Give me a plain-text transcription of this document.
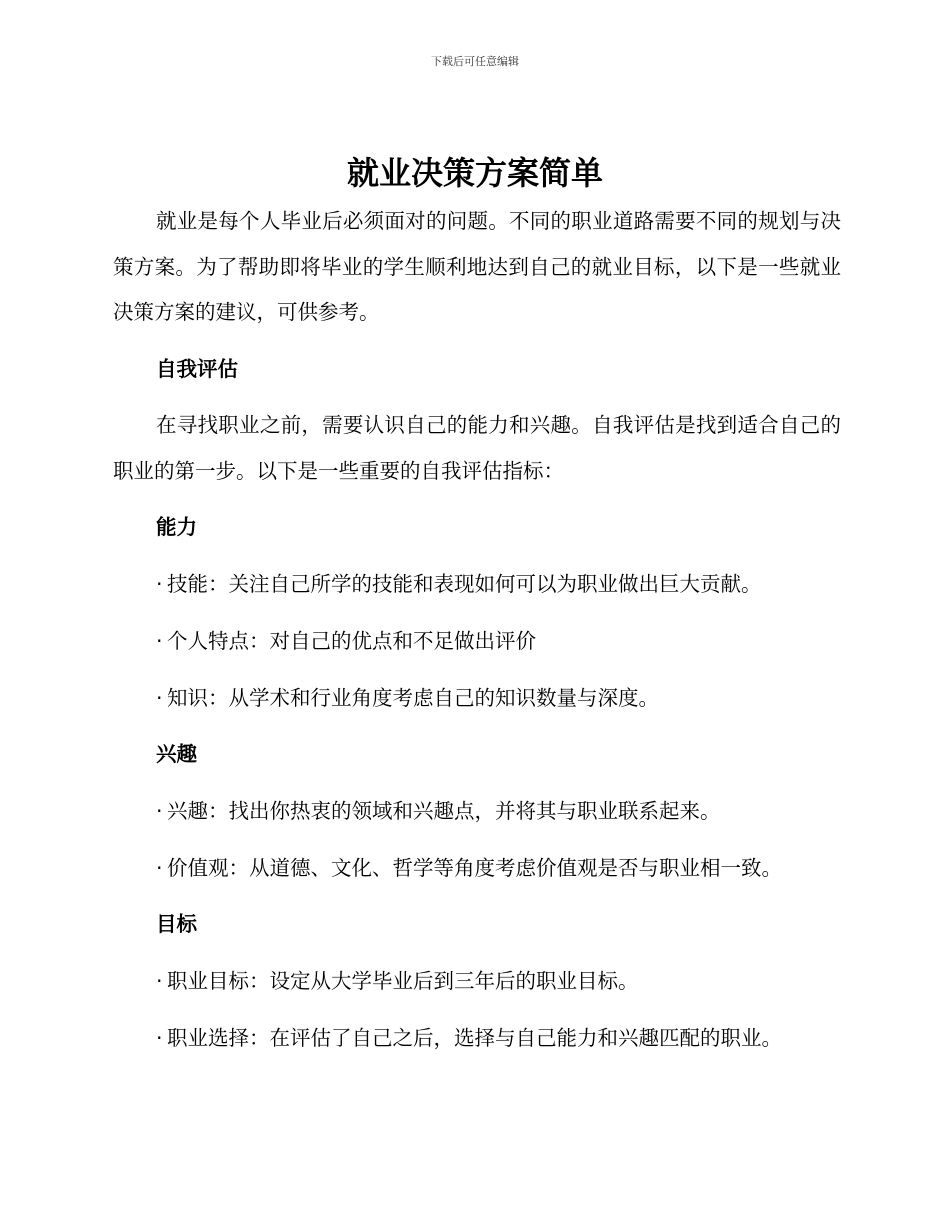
下载后可任意编辑
就业决策方案简单

就业是每个人毕业后必须面对的问题。不同的职业道路需要不同的规划与决策方案。为了帮助即将毕业的学生顺利地达到自己的就业目标，以下是一些就业决策方案的建议，可供参考。

自我评估

在寻找职业之前，需要认识自己的能力和兴趣。自我评估是找到适合自己的职业的第一步。以下是一些重要的自我评估指标：

能力

· 技能：关注自己所学的技能和表现如何可以为职业做出巨大贡献。

· 个人特点：对自己的优点和不足做出评价

· 知识：从学术和行业角度考虑自己的知识数量与深度。

兴趣

· 兴趣：找出你热衷的领域和兴趣点，并将其与职业联系起来。

· 价值观：从道德、文化、哲学等角度考虑价值观是否与职业相一致。

目标

· 职业目标：设定从大学毕业后到三年后的职业目标。

· 职业选择：在评估了自己之后，选择与自己能力和兴趣匹配的职业。
